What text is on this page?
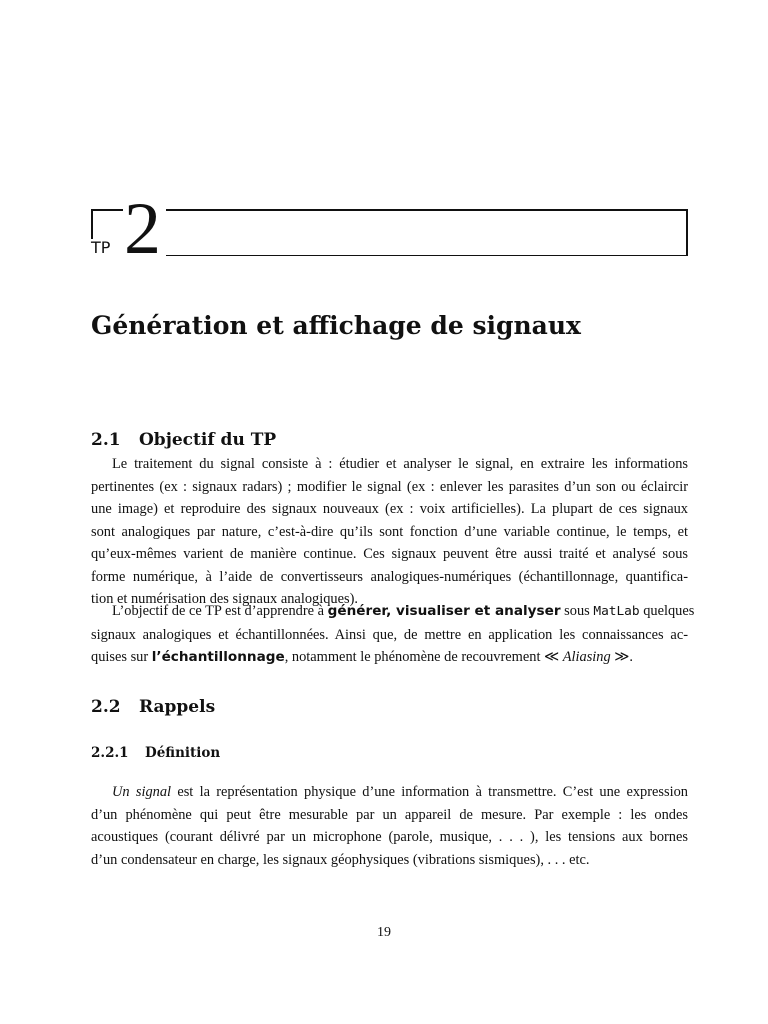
TP 2
Génération et affichage de signaux
2.1 Objectif du TP

Le traitement du signal consiste à : étudier et analyser le signal, en extraire les informations
pertinentes (ex : signaux radars) ; modifier le signal (ex : enlever les parasites d’un son ou éclaircir
une image) et reproduire des signaux nouveaux (ex : voix artificielles). La plupart de ces signaux
sont analogiques par nature, c’est-à-dire qu’ils sont fonction d’une variable continue, le temps, et
qu’eux-mêmes varient de manière continue. Ces signaux peuvent être aussi traité et analysé sous
forme numérique, à l’aide de convertisseurs analogiques-numériques (échantillonnage, quantifica-
tion et numérisation des signaux analogiques).

L’objectif de ce TP est d’apprendre à générer, visualiser et analyser sous MatLab quelques
signaux analogiques et échantillonnées. Ainsi que, de mettre en application les connaissances ac-
quises sur l’échantillonnage, notamment le phénomène de recouvrement ≪ Aliasing ≫.

2.2 Rappels
2.2.1 Définition

Un signal est la représentation physique d’une information à transmettre. C’est une expression
d’un phénomène qui peut être mesurable par un appareil de mesure. Par exemple : les ondes
acoustiques (courant délivré par un microphone (parole, musique, . . . ), les tensions aux bornes
d’un condensateur en charge, les signaux géophysiques (vibrations sismiques), . . . etc.

19
